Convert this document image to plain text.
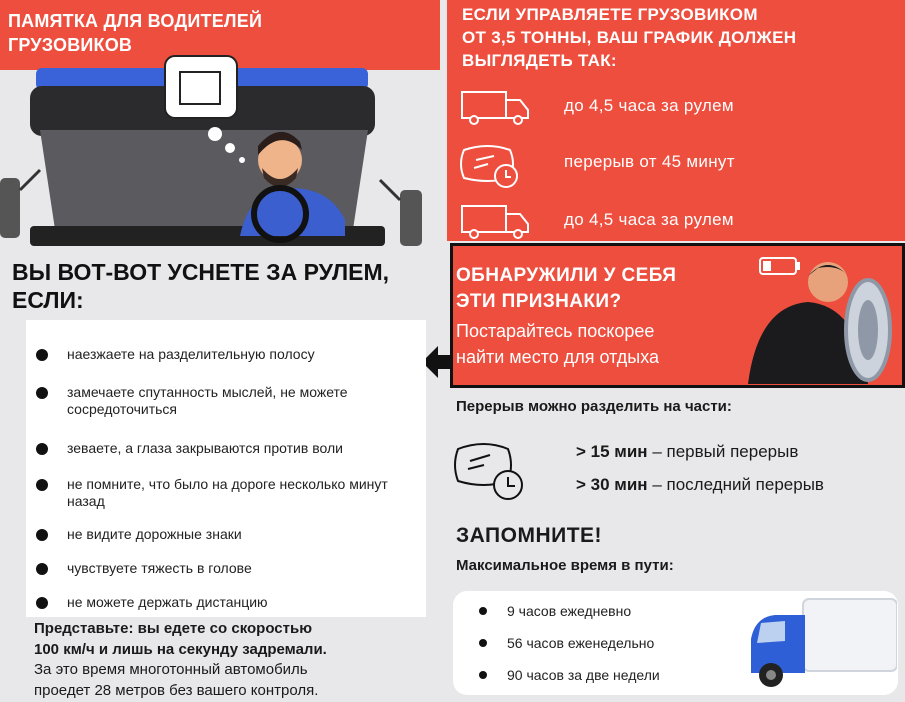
ПАМЯТКА ДЛЯ ВОДИТЕЛЕЙ
ГРУЗОВИКОВ
ЕСЛИ УПРАВЛЯЕТЕ ГРУЗОВИКОМ
ОТ 3,5 ТОННЫ, ВАШ ГРАФИК ДОЛЖЕН
ВЫГЛЯДЕТЬ ТАК:
до 4,5 часа за рулем
перерыв от 45 минут
до 4,5 часа за рулем
ОБНАРУЖИЛИ У СЕБЯ
ЭТИ ПРИЗНАКИ?
Постарайтесь поскорее
найти место для отдыха
ВЫ ВОТ-ВОТ УСНЕТЕ ЗА РУЛЕМ,
ЕСЛИ:
наезжаете на разделительную полосу
замечаете спутанность мыслей, не можете сосредоточиться
зеваете, а глаза закрываются против воли
не помните, что было на дороге несколько минут назад
не видите дорожные знаки
чувствуете тяжесть в голове
не можете держать дистанцию
Представьте: вы едете со скоростью
100 км/ч и лишь на секунду задремали.
За это время многотонный автомобиль
проедет 28 метров без вашего контроля.
Перерыв можно разделить на части:
> 15 мин – первый перерыв
> 30 мин – последний перерыв
ЗАПОМНИТЕ!
Максимальное время в пути:
9 часов ежедневно
56 часов еженедельно
90 часов за две недели
